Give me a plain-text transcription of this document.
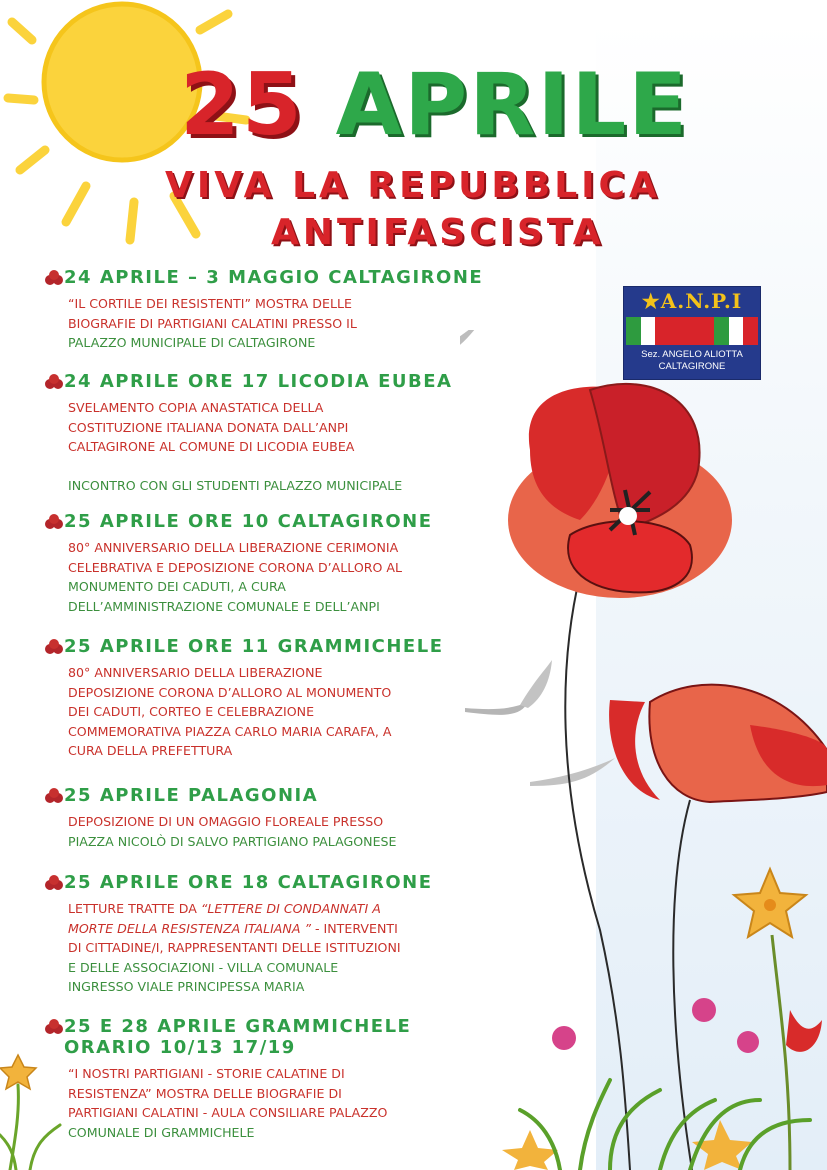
25 APRILE
VIVA LA REPUBBLICA
ANTIFASCISTA
★A.N.P.I
Sez. ANGELO ALIOTTA
CALTAGIRONE
24 APRILE – 3 MAGGIO CALTAGIRONE
“IL CORTILE DEI RESISTENTI” MOSTRA DELLE
BIOGRAFIE DI PARTIGIANI CALATINI PRESSO IL
PALAZZO MUNICIPALE DI CALTAGIRONE
24 APRILE ORE 17 LICODIA EUBEA
SVELAMENTO COPIA ANASTATICA DELLA
COSTITUZIONE ITALIANA DONATA DALL’ANPI
CALTAGIRONE AL COMUNE DI LICODIA EUBEA

INCONTRO CON GLI STUDENTI PALAZZO MUNICIPALE
25 APRILE ORE 10 CALTAGIRONE
80° ANNIVERSARIO DELLA LIBERAZIONE CERIMONIA
CELEBRATIVA E DEPOSIZIONE CORONA D’ALLORO AL
MONUMENTO DEI CADUTI, A CURA
DELL’AMMINISTRAZIONE COMUNALE E DELL’ANPI
25 APRILE ORE 11 GRAMMICHELE
80° ANNIVERSARIO DELLA LIBERAZIONE
DEPOSIZIONE CORONA D’ALLORO AL MONUMENTO
DEI CADUTI, CORTEO E CELEBRAZIONE
COMMEMORATIVA PIAZZA CARLO MARIA CARAFA, A
CURA DELLA PREFETTURA
25 APRILE PALAGONIA
DEPOSIZIONE DI UN OMAGGIO FLOREALE PRESSO
PIAZZA NICOLÒ DI SALVO PARTIGIANO PALAGONESE
25 APRILE ORE 18 CALTAGIRONE
LETTURE TRATTE DA “LETTERE DI CONDANNATI A
MORTE DELLA RESISTENZA ITALIANA ” - INTERVENTI
DI CITTADINE/I, RAPPRESENTANTI DELLE ISTITUZIONI
E DELLE ASSOCIAZIONI - VILLA COMUNALE
INGRESSO VIALE PRINCIPESSA MARIA
25 E 28 APRILE GRAMMICHELE
ORARIO 10/13 17/19
“I NOSTRI PARTIGIANI - STORIE CALATINE DI
RESISTENZA” MOSTRA DELLE BIOGRAFIE DI
PARTIGIANI CALATINI - AULA CONSILIARE PALAZZO
COMUNALE DI GRAMMICHELE
